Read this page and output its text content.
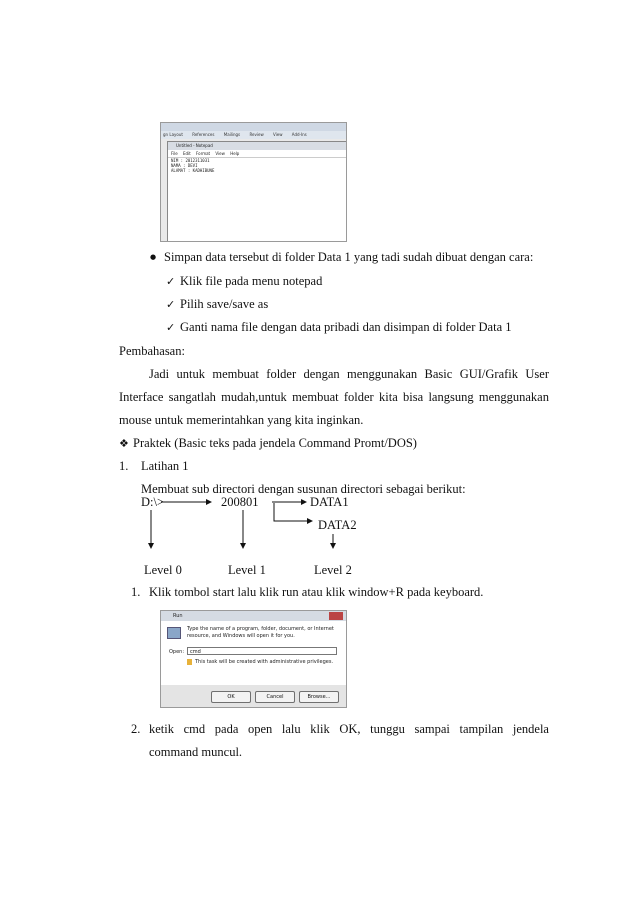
gn Layout References Mailings Review View Add-Ins
Untitled - Notepad
File Edit Format View Help
NIM : 2012311031
NAMA : DEVI
ALAMAT : KADHIBUNE
●Simpan data tersebut di folder Data 1 yang tadi sudah dibuat dengan cara:
✓Klik file pada menu notepad
✓Pilih save/save as
✓Ganti nama file dengan data pribadi dan disimpan di folder Data 1
Pembahasan:
Jadi untuk membuat folder dengan menggunakan Basic GUI/Grafik User
Interface sangatlah mudah,untuk membuat folder kita bisa langsung menggunakan
mouse untuk memerintahkan yang kita inginkan.
❖Praktek (Basic teks pada jendela Command Promt/DOS)
1. Latihan 1
Membuat sub directori dengan susunan directori sebagai berikut:
D:\>	200801	DATA1
DATA2
Level 0	Level 1	Level 2
1. Klik tombol start lalu klik run atau klik window+R pada keyboard.
Run
Type the name of a program, folder, document, or Internet resource, and Windows will open it for you.
Open:	cmd
This task will be created with administrative privileges.
OK	Cancel	Browse...
2. ketik cmd pada open lalu klik OK, tunggu sampai tampilan jendela
command muncul.
